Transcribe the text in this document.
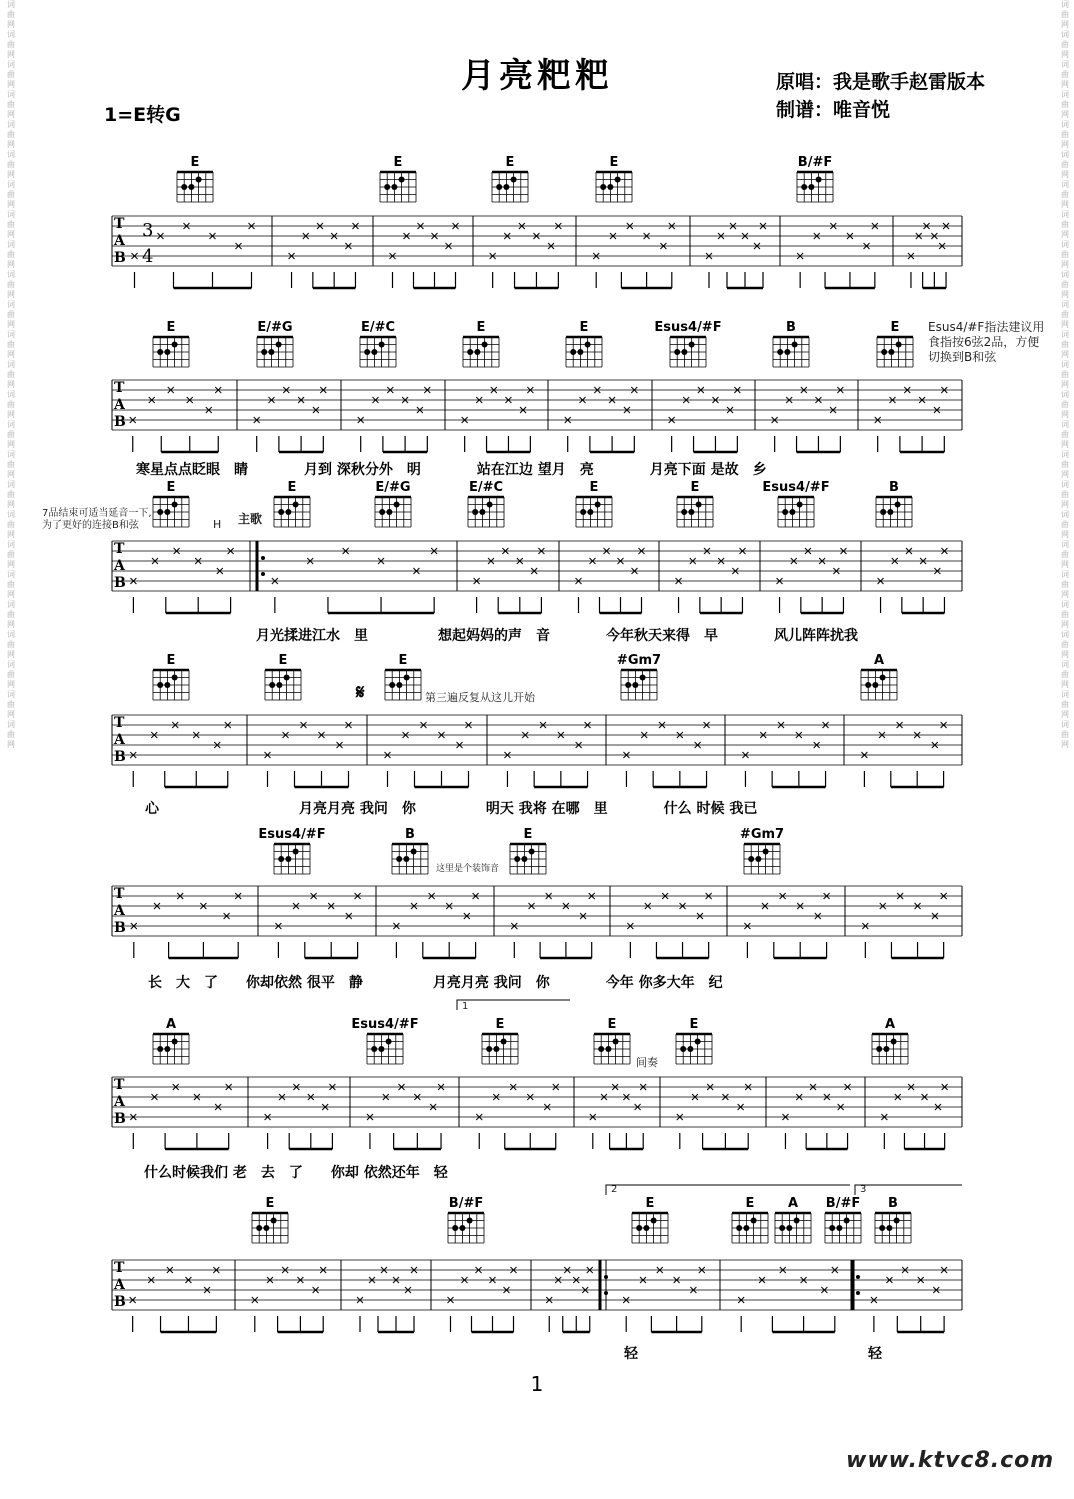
词曲网词曲网词曲网词曲网词曲网词曲网词曲网词曲网词曲网词曲网词曲网词曲网词曲网词曲网词曲网词曲网词曲网词曲网词曲网词曲网词曲网词曲网词曲网词曲网词曲网
词曲网词曲网词曲网词曲网词曲网词曲网词曲网词曲网词曲网词曲网词曲网词曲网词曲网词曲网词曲网词曲网词曲网词曲网词曲网词曲网词曲网词曲网词曲网词曲网词曲网
月亮粑粑	原唱：我是歌手赵雷版本
制谱：唯音悦
1=E转G
Esus4/#F指法建议用食指按6弦2品，方便切换到B和弦
7品结束可适当延音一下,为了更好的连接B和弦	主歌
H
𝄋	第三遍反复从这儿开始
这里是个装饰音
间奏
1
2	3
寒星点点眨眼　睛　　　　月到 深秋分外　明　　　　站在江边 望月　亮　　　　月亮下面 是故　乡
月光揉进江水　里　　　　　想起妈妈的声　音　　　　今年秋天来得　早　　　　风儿阵阵扰我
心　　　　　　　　　　月亮月亮 我问　你　　　　　明天 我将 在哪　里　　　　什么 时候 我已
长　大　了　　你却依然 很平　静　　　　　月亮月亮 我问　你　　　　今年 你多大年　纪
什么时候我们 老　去　了　　你却 依然还年　轻
轻	轻
1
www.ktvc8.com
T
A
B
T
A
B
T
A
B
T
A
B
T
A
B
T
A
B
T
A
B
3
4
E	E	E	E	B/#F
E	E/#G	E/#C	E	E	Esus4/#F	B	E
E	E	E/#G	E/#C	E	E	Esus4/#F	B
E	E	E	#Gm7	A
Esus4/#F	B	E	#Gm7
A	Esus4/#F	E	E	E	A
E	B/#F	E	E	A B/#F B
